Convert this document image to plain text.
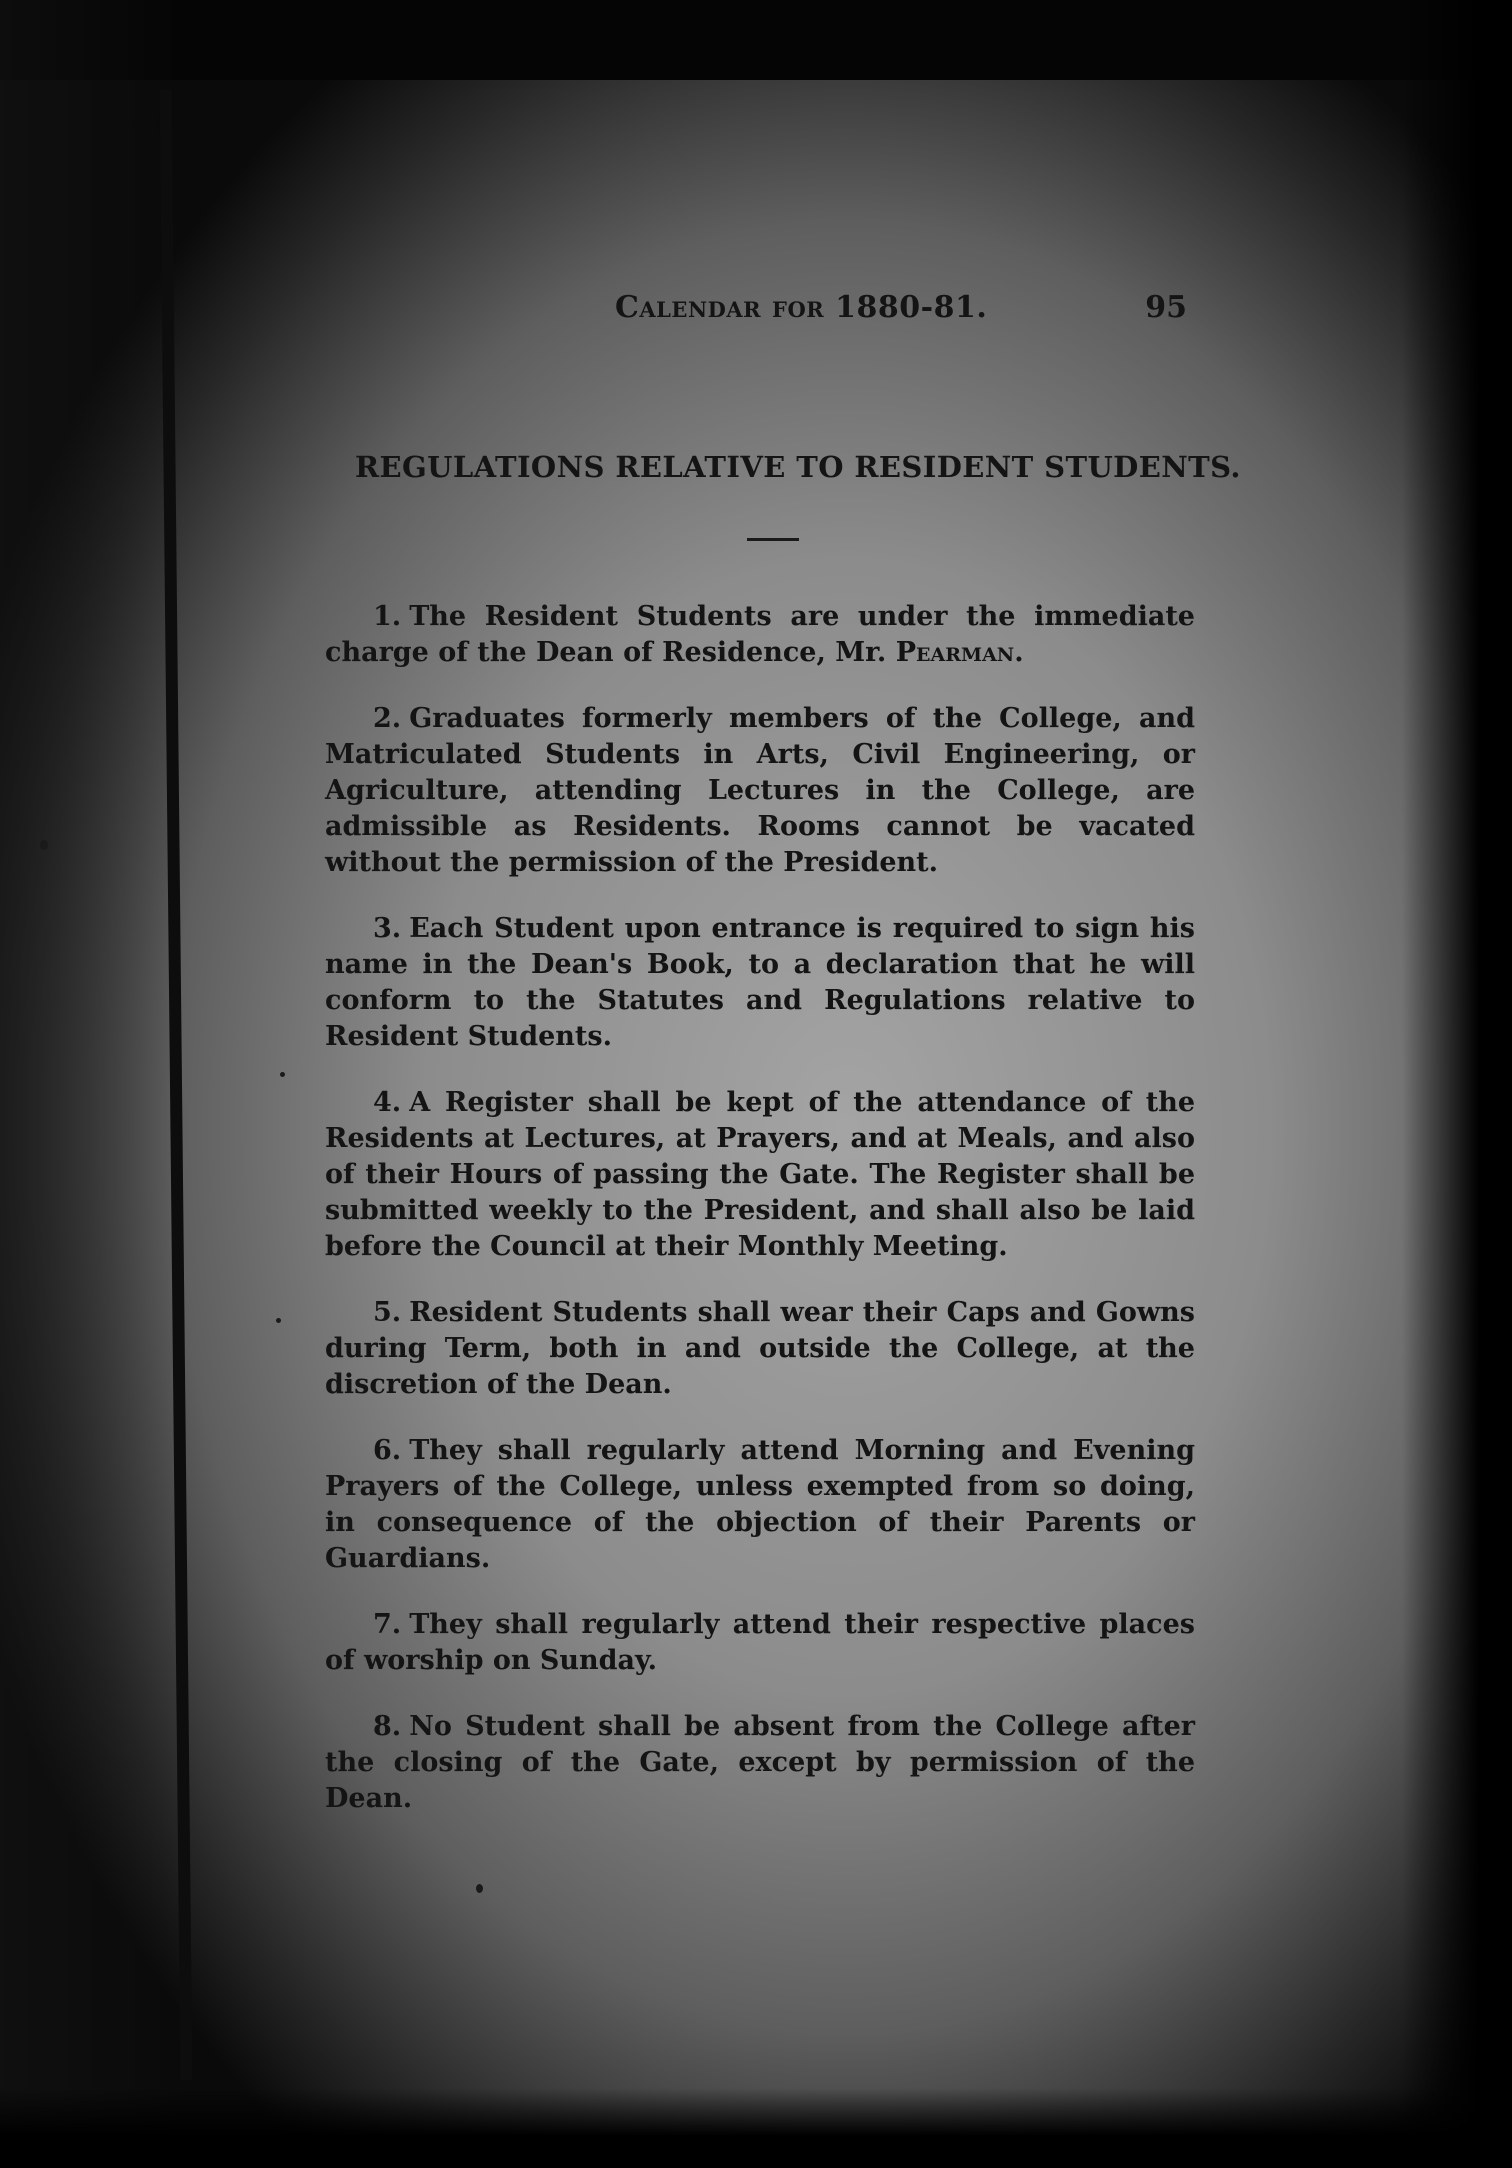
Calendar for 1880-81.	95
REGULATIONS RELATIVE TO RESIDENT STUDENTS.
1. The Resident Students are under the immediate charge of the Dean of Residence, Mr. Pearman.
2. Graduates formerly members of the College, and Matriculated Students in Arts, Civil Engineering, or Agriculture, attending Lectures in the College, are admissible as Residents. Rooms cannot be vacated without the permission of the President.
3. Each Student upon entrance is required to sign his name in the Dean's Book, to a declaration that he will conform to the Statutes and Regulations relative to Resident Students.
4. A Register shall be kept of the attendance of the Residents at Lectures, at Prayers, and at Meals, and also of their Hours of passing the Gate. The Register shall be submitted weekly to the President, and shall also be laid before the Council at their Monthly Meeting.
5. Resident Students shall wear their Caps and Gowns during Term, both in and outside the College, at the discretion of the Dean.
6. They shall regularly attend Morning and Evening Prayers of the College, unless exempted from so doing, in consequence of the objection of their Parents or Guardians.
7. They shall regularly attend their respective places of worship on Sunday.
8. No Student shall be absent from the College after the closing of the Gate, except by permission of the Dean.
